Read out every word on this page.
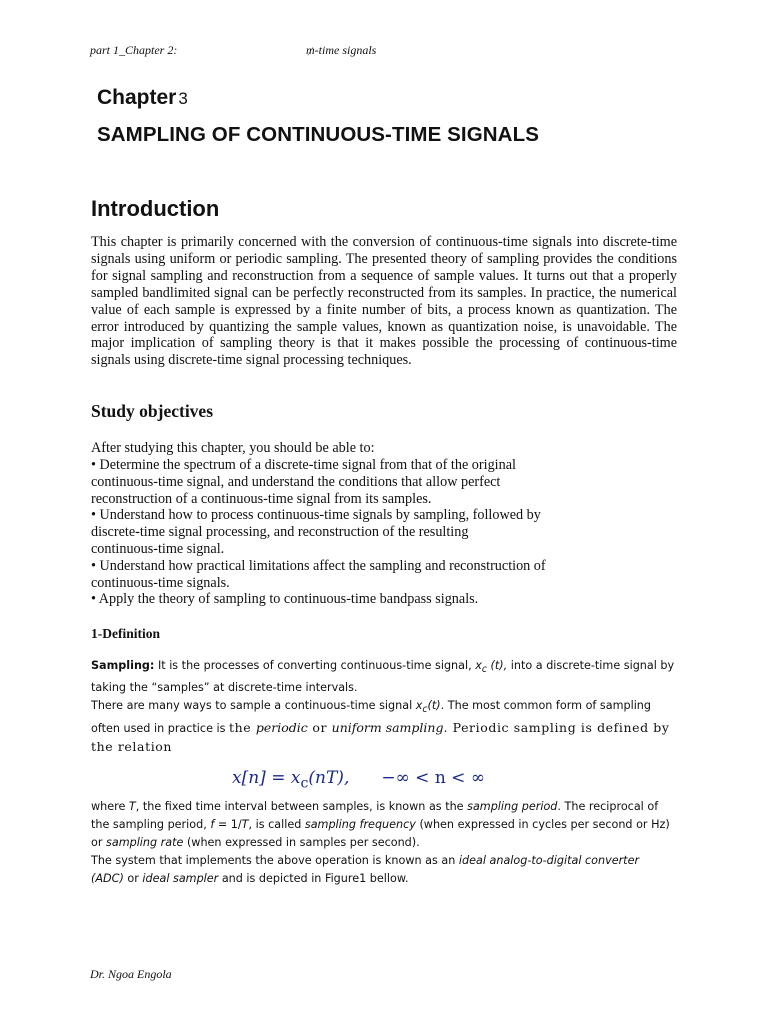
part 1_Chapter 2:	₥-time signals
Chapter 3
SAMPLING OF CONTINUOUS-TIME SIGNALS
Introduction
This chapter is primarily concerned with the conversion of continuous-time signals into discrete-time signals using uniform or periodic sampling. The presented theory of sampling provides the conditions for signal sampling and reconstruction from a sequence of sample values. It turns out that a properly sampled bandlimited signal can be perfectly reconstructed from its samples. In practice, the numerical value of each sample is expressed by a finite number of bits, a process known as quantization. The error introduced by quantizing the sample values, known as quantization noise, is unavoidable. The major implication of sampling theory is that it makes possible the processing of continuous-time signals using discrete-time signal processing techniques.
Study objectives
After studying this chapter, you should be able to:
• Determine the spectrum of a discrete-time signal from that of the original
continuous-time signal, and understand the conditions that allow perfect
reconstruction of a continuous-time signal from its samples.
• Understand how to process continuous-time signals by sampling, followed by
discrete-time signal processing, and reconstruction of the resulting
continuous-time signal.
• Understand how practical limitations affect the sampling and reconstruction of
continuous-time signals.
• Apply the theory of sampling to continuous-time bandpass signals.
1-Definition
Sampling: It is the processes of converting continuous-time signal, $x_c$ (t), into a discrete-time signal by
taking the “samples” at discrete-time intervals.
There are many ways to sample a continuous-time signal $x_c(t)$. The most common form of sampling
often used in practice is the periodic or uniform sampling. Periodic sampling is defined by
the relation
$x[n] = x_c(nT)$, −∞ < n < ∞
where T, the fixed time interval between samples, is known as the sampling period. The reciprocal of
the sampling period, f = 1/T, is called sampling frequency (when expressed in cycles per second or Hz)
or sampling rate (when expressed in samples per second).
The system that implements the above operation is known as an ideal analog-to-digital converter
(ADC) or ideal sampler and is depicted in Figure1 bellow.
Dr. Ngoa Engola
